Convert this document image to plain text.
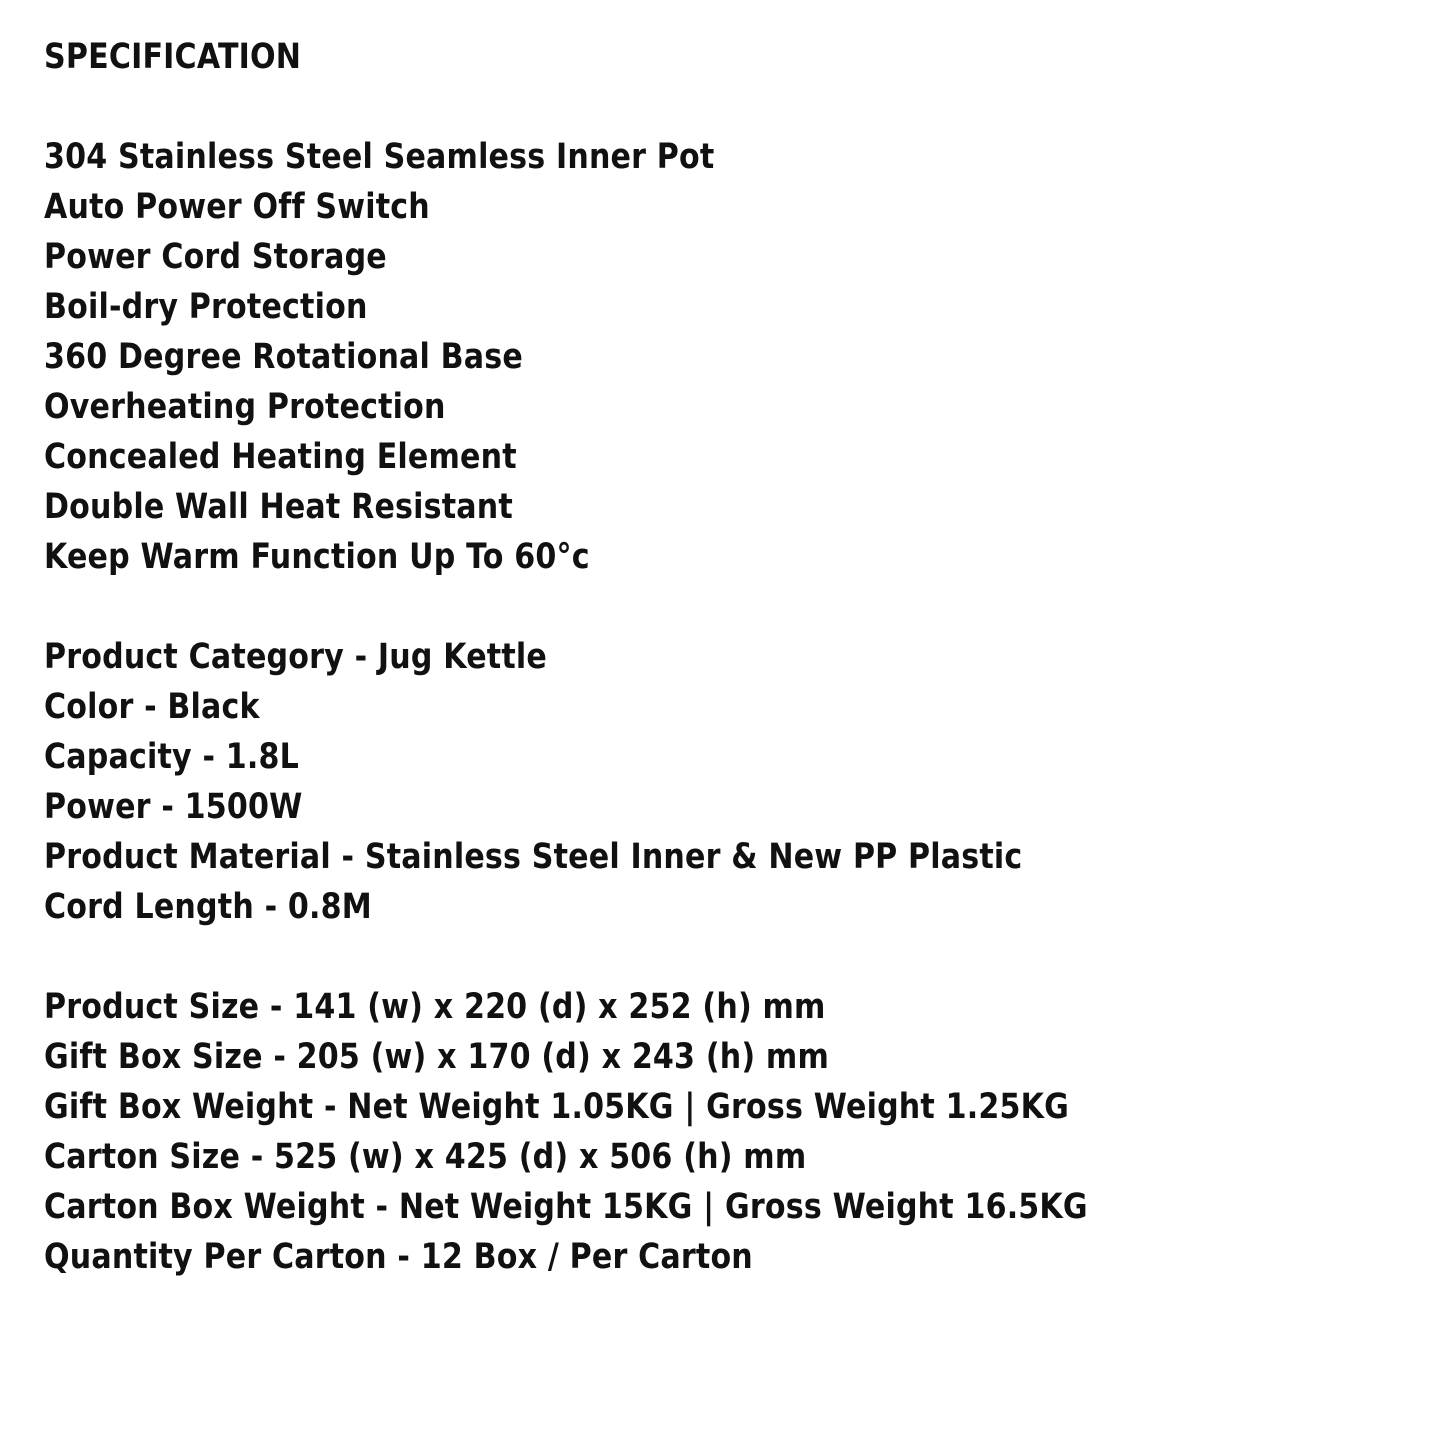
SPECIFICATION
304 Stainless Steel Seamless Inner Pot
Auto Power Off Switch
Power Cord Storage
Boil-dry Protection
360 Degree Rotational Base
Overheating Protection
Concealed Heating Element
Double Wall Heat Resistant
Keep Warm Function Up To 60°c
Product Category - Jug Kettle
Color - Black
Capacity - 1.8L
Power - 1500W
Product Material - Stainless Steel Inner & New PP Plastic
Cord Length - 0.8M
Product Size - 141 (w) x 220 (d) x 252 (h) mm
Gift Box Size - 205 (w) x 170 (d) x 243 (h) mm
Gift Box Weight - Net Weight 1.05KG | Gross Weight 1.25KG
Carton Size - 525 (w) x 425 (d) x 506 (h) mm
Carton Box Weight - Net Weight 15KG | Gross Weight 16.5KG
Quantity Per Carton - 12 Box / Per Carton
